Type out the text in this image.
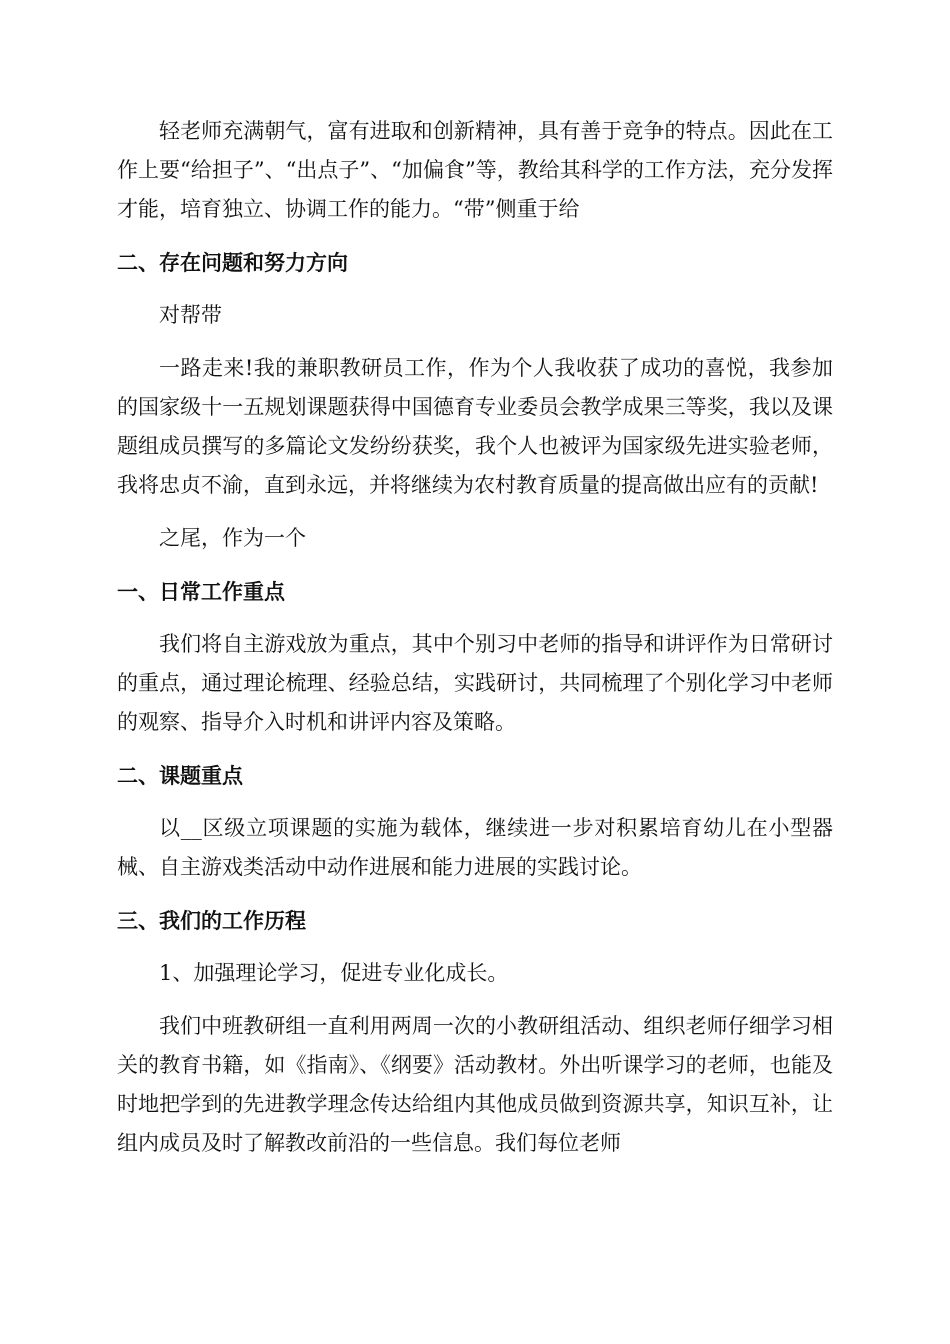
轻老师充满朝气，富有进取和创新精神，具有善于竞争的特点。因此在工作上要“给担子”、“出点子”、“加偏食”等，教给其科学的工作方法，充分发挥才能，培育独立、协调工作的能力。“带”侧重于给

二、存在问题和努力方向

对帮带

一路走来!我的兼职教研员工作，作为个人我收获了成功的喜悦，我参加的国家级十一五规划课题获得中国德育专业委员会教学成果三等奖，我以及课题组成员撰写的多篇论文发纷纷获奖，我个人也被评为国家级先进实验老师，我将忠贞不渝，直到永远，并将继续为农村教育质量的提高做出应有的贡献!

之尾，作为一个

一、日常工作重点

我们将自主游戏放为重点，其中个别习中老师的指导和讲评作为日常研讨的重点，通过理论梳理、经验总结，实践研讨，共同梳理了个别化学习中老师的观察、指导介入时机和讲评内容及策略。

二、课题重点

以__区级立项课题的实施为载体，继续进一步对积累培育幼儿在小型器械、自主游戏类活动中动作进展和能力进展的实践讨论。

三、我们的工作历程

1、加强理论学习，促进专业化成长。

我们中班教研组一直利用两周一次的小教研组活动、组织老师仔细学习相关的教育书籍，如《指南》、《纲要》活动教材。外出听课学习的老师，也能及时地把学到的先进教学理念传达给组内其他成员做到资源共享，知识互补，让组内成员及时了解教改前沿的一些信息。我们每位老师
